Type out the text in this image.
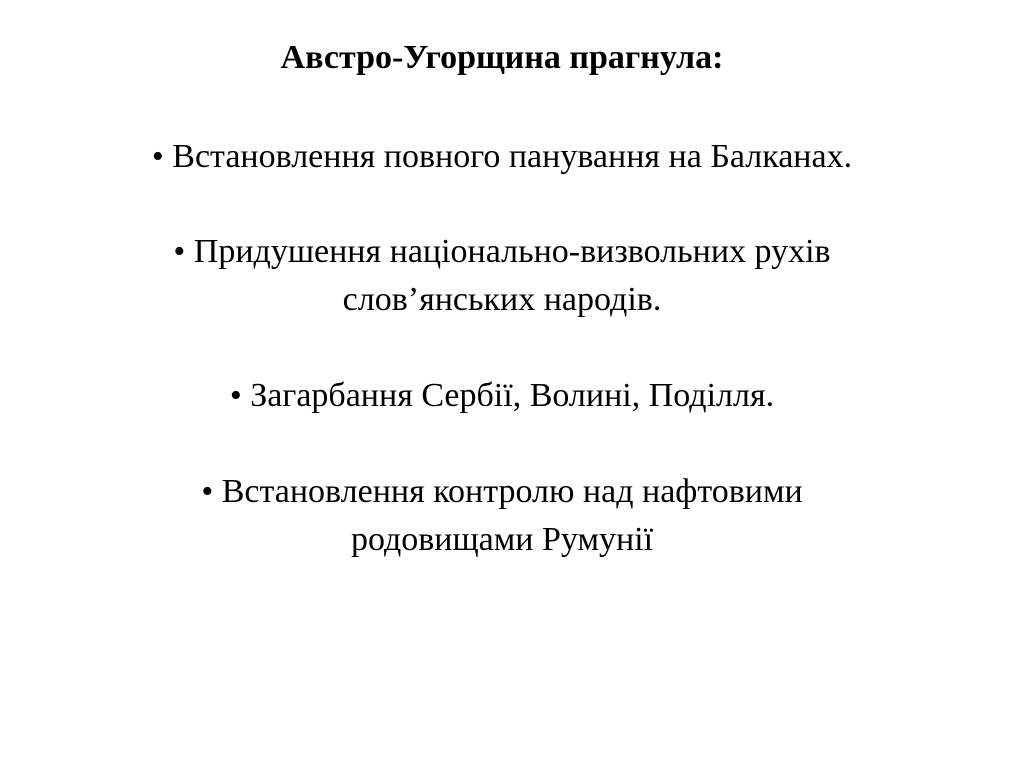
Австро-Угорщина прагнула:

• Встановлення повного панування на Балканах.

• Придушення національно-визвольних рухів
слов’янських народів.

• Загарбання Сербії, Волині, Поділля.

• Встановлення контролю над нафтовими
родовищами Румунії
